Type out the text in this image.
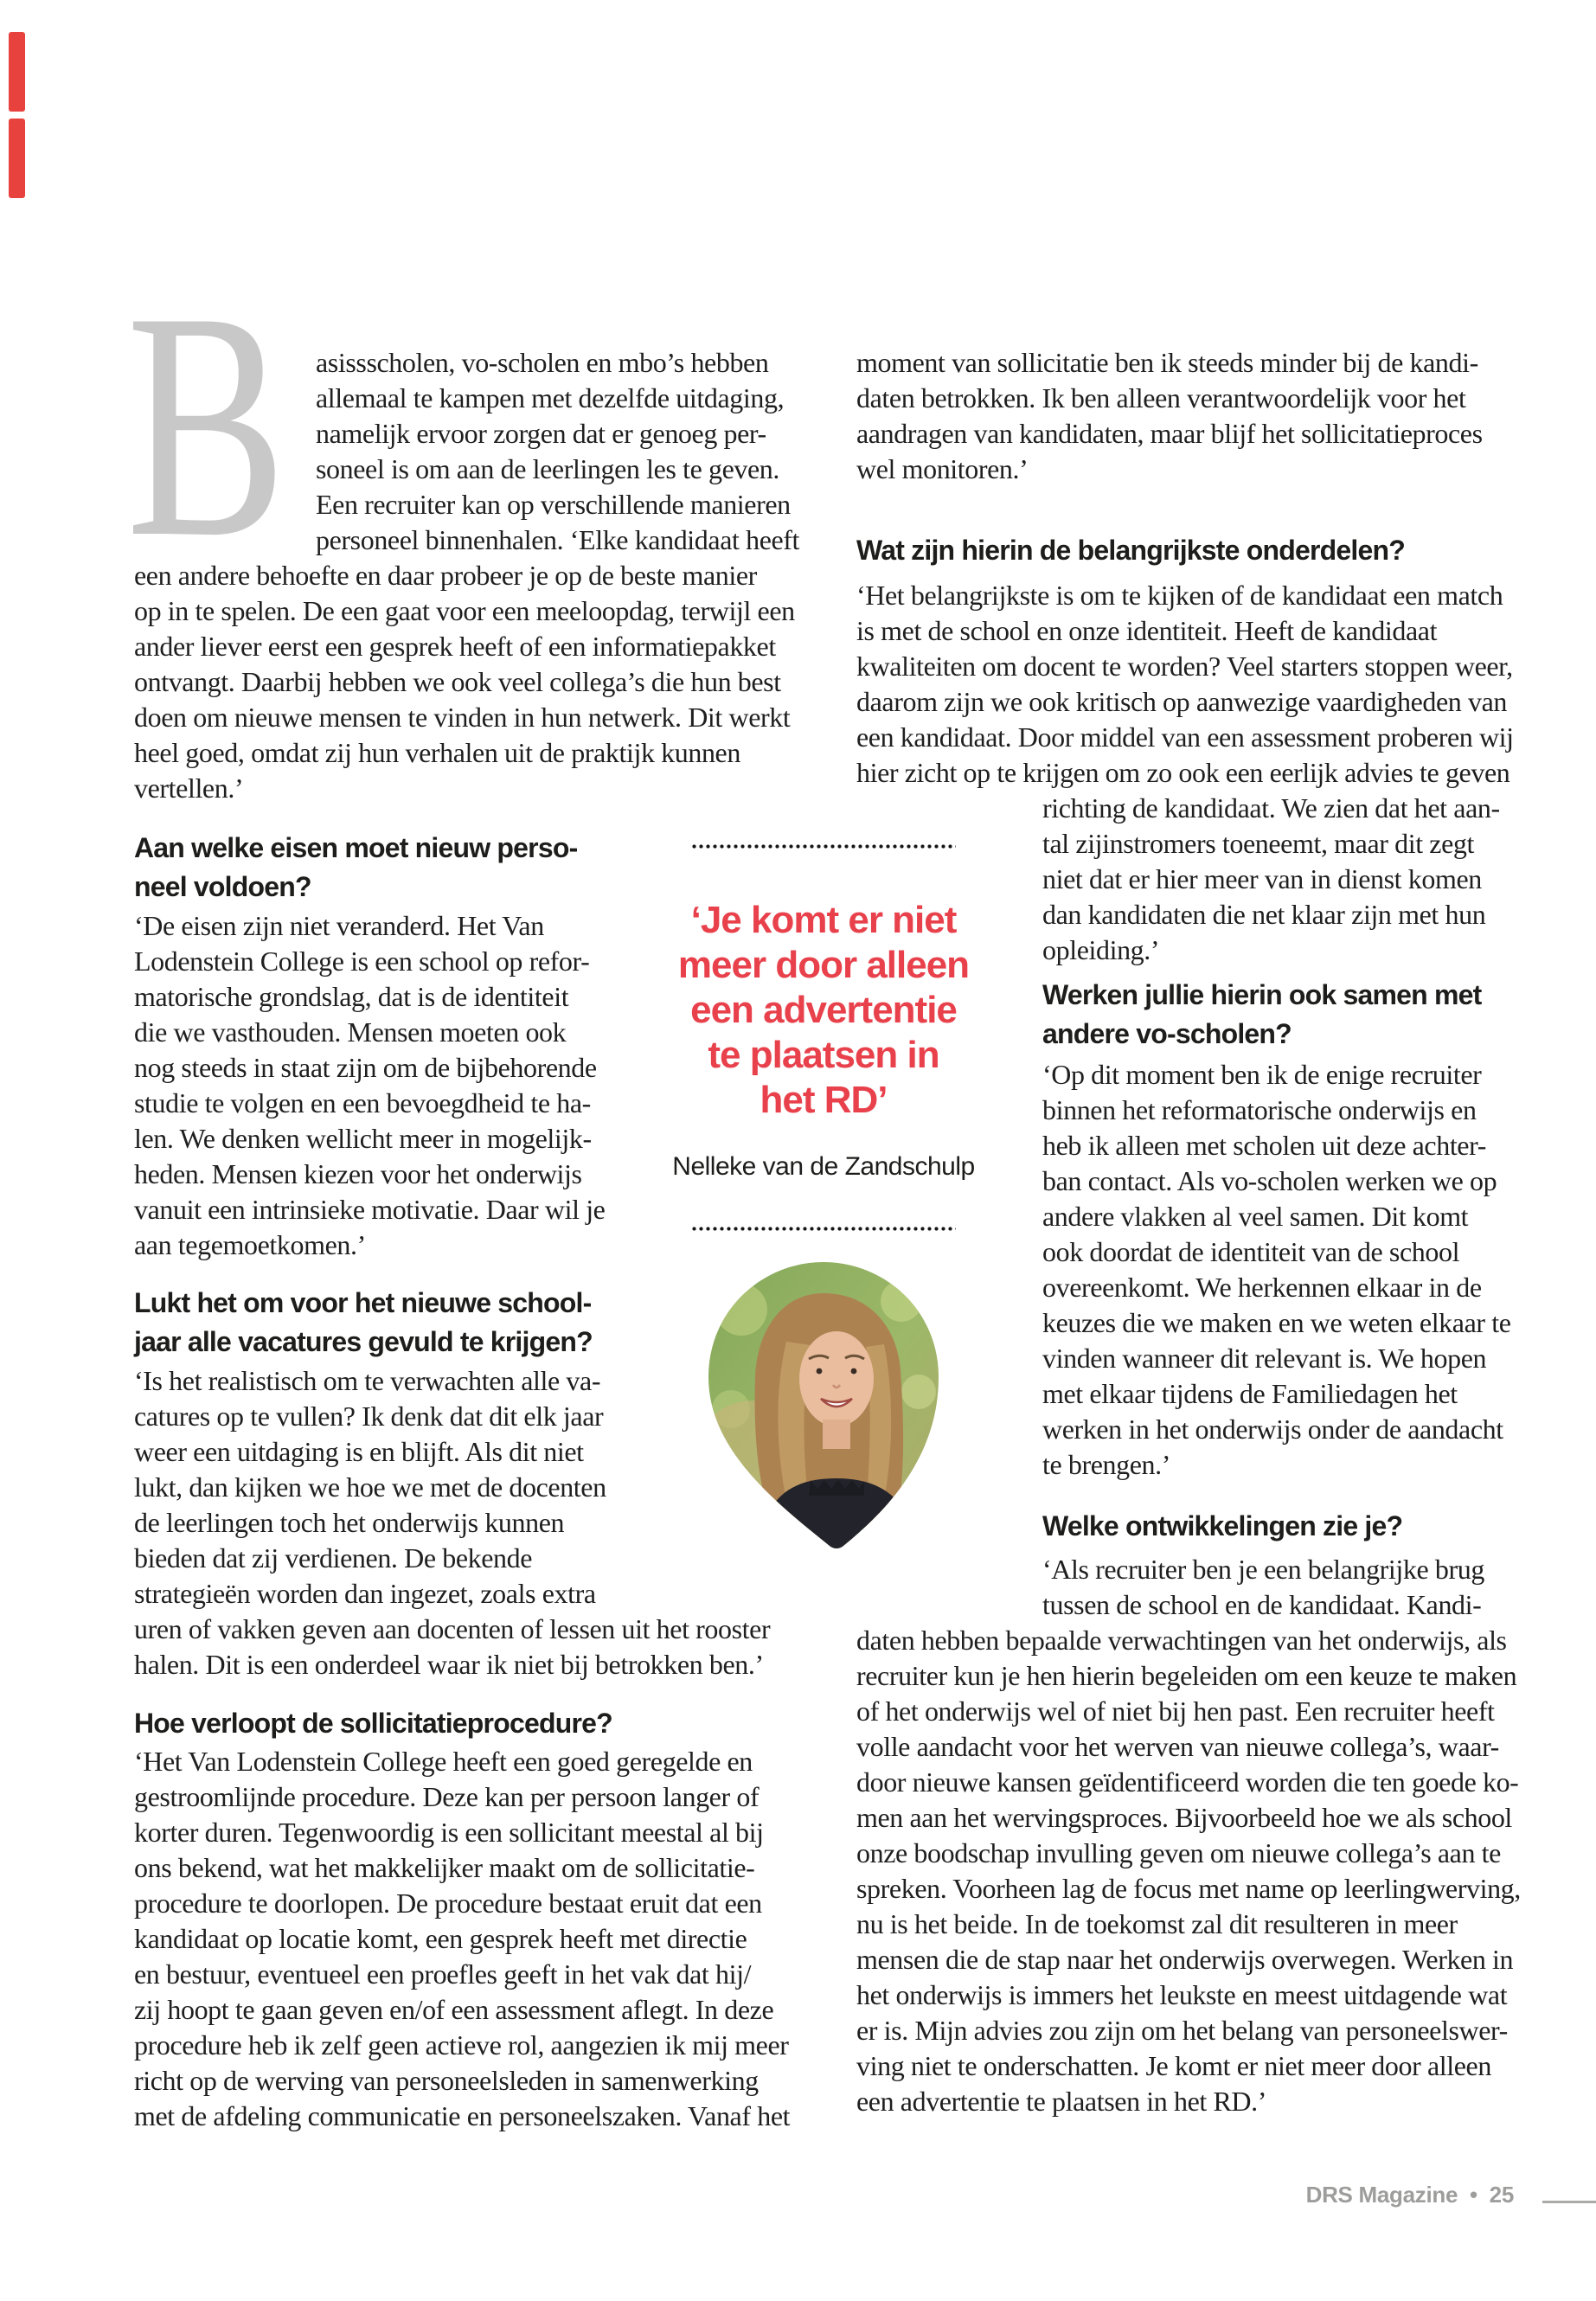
B asissscholen, vo-scholen en mbo’s hebben
allemaal te kampen met dezelfde uitdaging,
namelijk ervoor zorgen dat er genoeg per-
soneel is om aan de leerlingen les te geven.
Een recruiter kan op verschillende manieren
personeel binnenhalen. ‘Elke kandidaat heeft
een andere behoefte en daar probeer je op de beste manier
op in te spelen. De een gaat voor een meeloopdag, terwijl een
ander liever eerst een gesprek heeft of een informatiepakket
ontvangt. Daarbij hebben we ook veel collega’s die hun best
doen om nieuwe mensen te vinden in hun netwerk. Dit werkt
heel goed, omdat zij hun verhalen uit de praktijk kunnen
vertellen.’
Aan welke eisen moet nieuw perso-
neel voldoen?
‘De eisen zijn niet veranderd. Het Van
Lodenstein College is een school op refor-
matorische grondslag, dat is de identiteit
die we vasthouden. Mensen moeten ook
nog steeds in staat zijn om de bijbehorende
studie te volgen en een bevoegdheid te ha-
len. We denken wellicht meer in mogelijk-
heden. Mensen kiezen voor het onderwijs
vanuit een intrinsieke motivatie. Daar wil je
aan tegemoetkomen.’
Lukt het om voor het nieuwe school-
jaar alle vacatures gevuld te krijgen?
‘Is het realistisch om te verwachten alle va-
catures op te vullen? Ik denk dat dit elk jaar
weer een uitdaging is en blijft. Als dit niet
lukt, dan kijken we hoe we met de docenten
de leerlingen toch het onderwijs kunnen
bieden dat zij verdienen. De bekende
strategieën worden dan ingezet, zoals extra
uren of vakken geven aan docenten of lessen uit het rooster
halen. Dit is een onderdeel waar ik niet bij betrokken ben.’
Hoe verloopt de sollicitatieprocedure?
‘Het Van Lodenstein College heeft een goed geregelde en
gestroomlijnde procedure. Deze kan per persoon langer of
korter duren. Tegenwoordig is een sollicitant meestal al bij
ons bekend, wat het makkelijker maakt om de sollicitatie-
procedure te doorlopen. De procedure bestaat eruit dat een
kandidaat op locatie komt, een gesprek heeft met directie
en bestuur, eventueel een proefles geeft in het vak dat hij/
zij hoopt te gaan geven en/of een assessment aflegt. In deze
procedure heb ik zelf geen actieve rol, aangezien ik mij meer
richt op de werving van personeelsleden in samenwerking
met de afdeling communicatie en personeelszaken. Vanaf het
moment van sollicitatie ben ik steeds minder bij de kandi-
daten betrokken. Ik ben alleen verantwoordelijk voor het
aandragen van kandidaten, maar blijf het sollicitatieproces
wel monitoren.’
Wat zijn hierin de belangrijkste onderdelen?
‘Het belangrijkste is om te kijken of de kandidaat een match
is met de school en onze identiteit. Heeft de kandidaat
kwaliteiten om docent te worden? Veel starters stoppen weer,
daarom zijn we ook kritisch op aanwezige vaardigheden van
een kandidaat. Door middel van een assessment proberen wij
hier zicht op te krijgen om zo ook een eerlijk advies te geven
richting de kandidaat. We zien dat het aan-
tal zijinstromers toeneemt, maar dit zegt
niet dat er hier meer van in dienst komen
dan kandidaten die net klaar zijn met hun
opleiding.’
Werken jullie hierin ook samen met
andere vo-scholen?
‘Op dit moment ben ik de enige recruiter
binnen het reformatorische onderwijs en
heb ik alleen met scholen uit deze achter-
ban contact. Als vo-scholen werken we op
andere vlakken al veel samen. Dit komt
ook doordat de identiteit van de school
overeenkomt. We herkennen elkaar in de
keuzes die we maken en we weten elkaar te
vinden wanneer dit relevant is. We hopen
met elkaar tijdens de Familiedagen het
werken in het onderwijs onder de aandacht
te brengen.’
Welke ontwikkelingen zie je?
‘Als recruiter ben je een belangrijke brug
tussen de school en de kandidaat. Kandi-
daten hebben bepaalde verwachtingen van het onderwijs, als
recruiter kun je hen hierin begeleiden om een keuze te maken
of het onderwijs wel of niet bij hen past. Een recruiter heeft
volle aandacht voor het werven van nieuwe collega’s, waar-
door nieuwe kansen geïdentificeerd worden die ten goede ko-
men aan het wervingsproces. Bijvoorbeeld hoe we als school
onze boodschap invulling geven om nieuwe collega’s aan te
spreken. Voorheen lag de focus met name op leerlingwerving,
nu is het beide. In de toekomst zal dit resulteren in meer
mensen die de stap naar het onderwijs overwegen. Werken in
het onderwijs is immers het leukste en meest uitdagende wat
er is. Mijn advies zou zijn om het belang van personeelswer-
ving niet te onderschatten. Je komt er niet meer door alleen
een advertentie te plaatsen in het RD.’
‘Je komt er niet
meer door alleen
een advertentie
te plaatsen in
het RD’
Nelleke van de Zandschulp
DRS Magazine • 25
